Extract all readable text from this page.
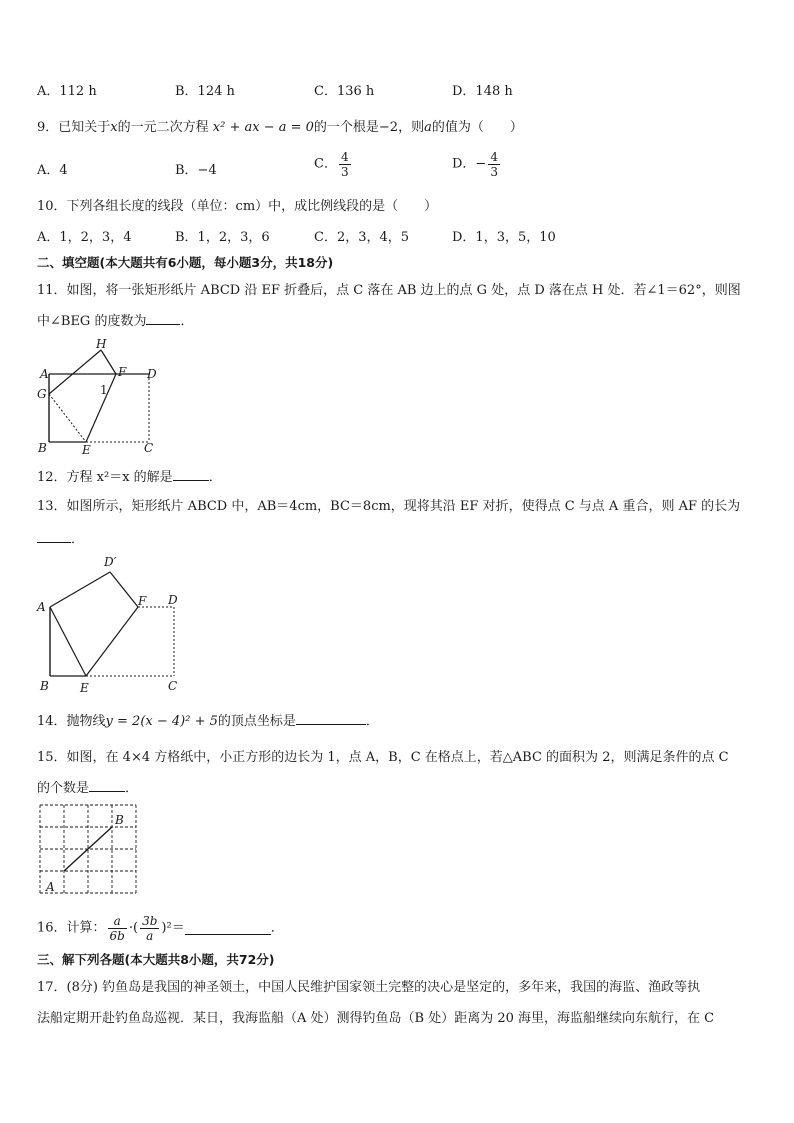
A．112 h	B．124 h	C．136 h	D．148 h
9．已知关于x的一元二次方程 x² + ax − a = 0的一个根是−2，则a的值为（　　）
A．4	B．−4	C． $\frac{4}{3}$	D．− $\frac{4}{3}$
10．下列各组长度的线段（单位：cm）中，成比例线段的是（　　）
A．1，2，3，4	B．1，2，3，6	C．2，3，4，5	D．1，3，5，10
二、填空题(本大题共有6小题，每小题3分，共18分)
11．如图，将一张矩形纸片 ABCD 沿 EF 折叠后，点 C 落在 AB 边上的点 G 处，点 D 落在点 H 处．若∠1＝62°，则图
中∠BEG 的度数为	．
H
A	F D
G	1
B	E	C
12．方程 x²＝x 的解是	．
13．如图所示，矩形纸片 ABCD 中，AB＝4cm，BC＝8cm，现将其沿 EF 对折，使得点 C 与点 A 重合，则 AF 的长为
．
D′
A	F D
B	E	C
14．抛物线y = 2(x − 4)² + 5的顶点坐标是	．
15．如图，在 4×4 方格纸中，小正方形的边长为 1，点 A，B，C 在格点上，若△ABC 的面积为 2，则满足条件的点 C
的个数是	．
A
B
16．计算： $\frac{a}{6b}$ ·( $\frac{3b}{a} )^2=$	．
三、解下列各题(本大题共8小题，共72分)
17．(8分) 钓鱼岛是我国的神圣领土，中国人民维护国家领土完整的决心是坚定的，多年来，我国的海监、渔政等执
法船定期开赴钓鱼岛巡视．某日，我海监船（A 处）测得钓鱼岛（B 处）距离为 20 海里，海监船继续向东航行，在 C
